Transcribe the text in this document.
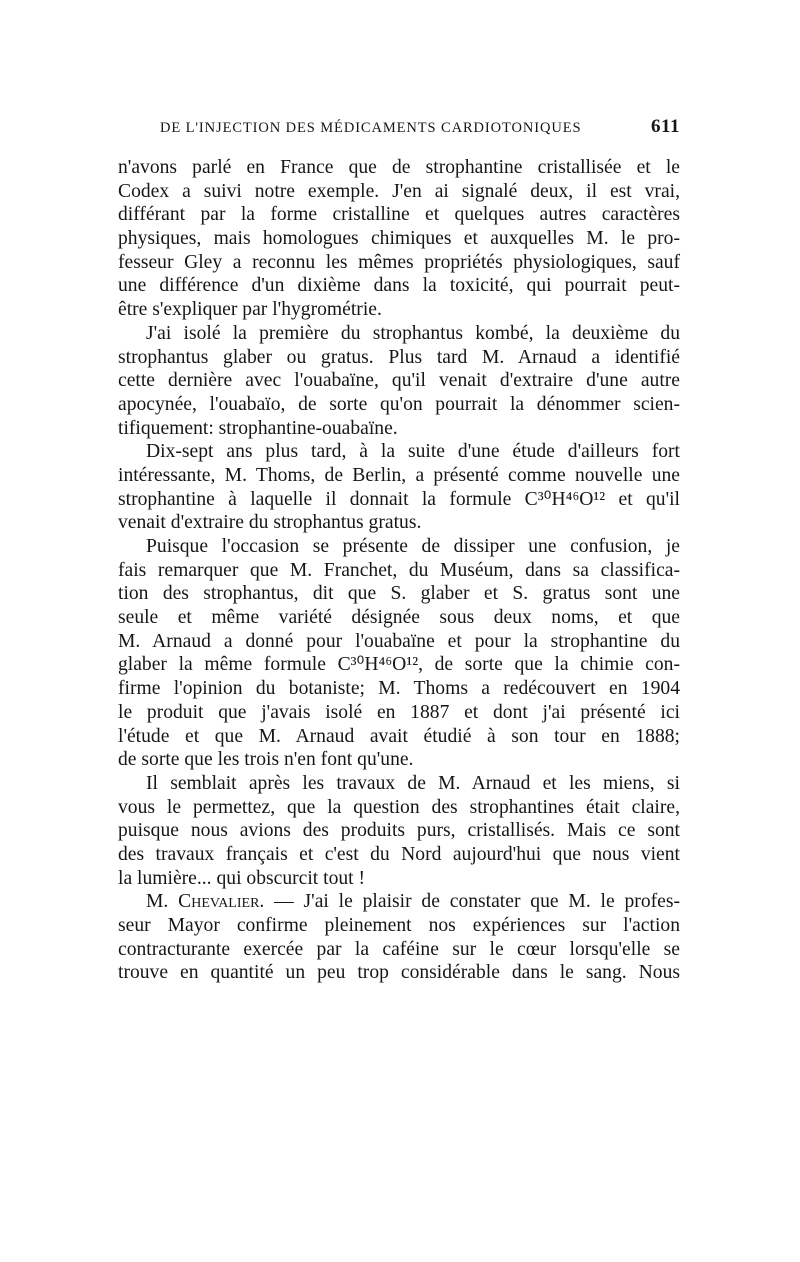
DE L'INJECTION DES MÉDICAMENTS CARDIOTONIQUES	611
n'avons parlé en France que de strophantine cristallisée et le
Codex a suivi notre exemple. J'en ai signalé deux, il est vrai,
différant par la forme cristalline et quelques autres caractères
physiques, mais homologues chimiques et auxquelles M. le pro-
fesseur Gley a reconnu les mêmes propriétés physiologiques, sauf
une différence d'un dixième dans la toxicité, qui pourrait peut-
être s'expliquer par l'hygrométrie.
J'ai isolé la première du strophantus kombé, la deuxième du
strophantus glaber ou gratus. Plus tard M. Arnaud a identifié
cette dernière avec l'ouabaïne, qu'il venait d'extraire d'une autre
apocynée, l'ouabaïo, de sorte qu'on pourrait la dénommer scien-
tifiquement: strophantine-ouabaïne.
Dix-sept ans plus tard, à la suite d'une étude d'ailleurs fort
intéressante, M. Thoms, de Berlin, a présenté comme nouvelle une
strophantine à laquelle il donnait la formule C³⁰H⁴⁶O¹² et qu'il
venait d'extraire du strophantus gratus.
Puisque l'occasion se présente de dissiper une confusion, je
fais remarquer que M. Franchet, du Muséum, dans sa classifica-
tion des strophantus, dit que S. glaber et S. gratus sont une
seule et même variété désignée sous deux noms, et que
M. Arnaud a donné pour l'ouabaïne et pour la strophantine du
glaber la même formule C³⁰H⁴⁶O¹², de sorte que la chimie con-
firme l'opinion du botaniste; M. Thoms a redécouvert en 1904
le produit que j'avais isolé en 1887 et dont j'ai présenté ici
l'étude et que M. Arnaud avait étudié à son tour en 1888;
de sorte que les trois n'en font qu'une.
Il semblait après les travaux de M. Arnaud et les miens, si
vous le permettez, que la question des strophantines était claire,
puisque nous avions des produits purs, cristallisés. Mais ce sont
des travaux français et c'est du Nord aujourd'hui que nous vient
la lumière... qui obscurcit tout !
M. Chevalier. — J'ai le plaisir de constater que M. le profes-
seur Mayor confirme pleinement nos expériences sur l'action
contracturante exercée par la caféine sur le cœur lorsqu'elle se
trouve en quantité un peu trop considérable dans le sang. Nous
